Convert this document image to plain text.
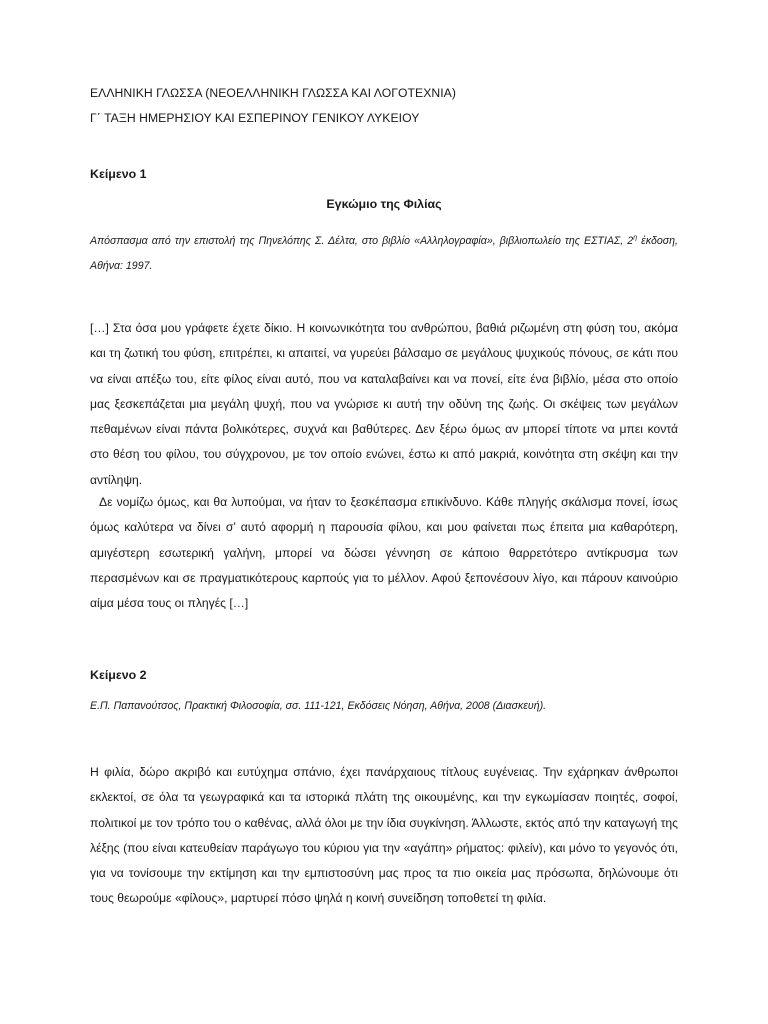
ΕΛΛΗΝΙΚΗ ΓΛΩΣΣΑ (ΝΕΟΕΛΛΗΝΙΚΗ ΓΛΩΣΣΑ ΚΑΙ ΛΟΓΟΤΕΧΝΙΑ)
Γ΄ ΤΑΞΗ ΗΜΕΡΗΣΙΟΥ ΚΑΙ ΕΣΠΕΡΙΝΟΥ ΓΕΝΙΚΟΥ ΛΥΚΕΙΟΥ
Κείμενο 1
Εγκώμιο της Φιλίας
Απόσπασμα από την επιστολή της Πηνελόπης Σ. Δέλτα, στο βιβλίο «Αλληλογραφία», βιβλιοπωλείο της ΕΣΤΙΑΣ, $2^\eta$ έκδοση, Αθήνα: 1997.

[…] Στα όσα μου γράφετε έχετε δίκιο. Η κοινωνικότητα του ανθρώπου, βαθιά ριζωμένη στη φύση του, ακόμα και τη ζωτική του φύση, επιτρέπει, κι απαιτεί, να γυρεύει βάλσαμο σε μεγάλους ψυχικούς πόνους, σε κάτι που να είναι απέξω του, είτε φίλος είναι αυτό, που να καταλαβαίνει και να πονεί, είτε ένα βιβλίο, μέσα στο οποίο μας ξεσκεπάζεται μια μεγάλη ψυχή, που να γνώρισε κι αυτή την οδύνη της ζωής. Οι σκέψεις των μεγάλων πεθαμένων είναι πάντα βολικότερες, συχνά και βαθύτερες. Δεν ξέρω όμως αν μπορεί τίποτε να μπει κοντά στο θέση του φίλου, του σύγχρονου, με τον οποίο ενώνει, έστω κι από μακριά, κοινότητα στη σκέψη και την αντίληψη.

Δε νομίζω όμως, και θα λυπούμαι, να ήταν το ξεσκέπασμα επικίνδυνο. Κάθε πληγής σκάλισμα πονεί, ίσως όμως καλύτερα να δίνει σ’ αυτό αφορμή η παρουσία φίλου, και μου φαίνεται πως έπειτα μια καθαρότερη, αμιγέστερη εσωτερική γαλήνη, μπορεί να δώσει γέννηση σε κάποιο θαρρετότερο αντίκρυσμα των περασμένων και σε πραγματικότερους καρπούς για το μέλλον. Αφού ξεπονέσουν λίγο, και πάρουν καινούριο αίμα μέσα τους οι πληγές […]

Κείμενο 2
Ε.Π. Παπανούτσος, Πρακτική Φιλοσοφία, σσ. 111-121, Εκδόσεις Νόηση, Αθήνα, 2008 (Διασκευή).

Η φιλία, δώρο ακριβό και ευτύχημα σπάνιο, έχει πανάρχαιους τίτλους ευγένειας. Την εχάρηκαν άνθρωποι εκλεκτοί, σε όλα τα γεωγραφικά και τα ιστορικά πλάτη της οικουμένης, και την εγκωμίασαν ποιητές, σοφοί, πολιτικοί με τον τρόπο του ο καθένας, αλλά όλοι με την ίδια συγκίνηση. Άλλωστε, εκτός από την καταγωγή της λέξης (που είναι κατευθείαν παράγωγο του κύριου για την «αγάπη» ρήματος: φιλείν), και μόνο το γεγονός ότι, για να τονίσουμε την εκτίμηση και την εμπιστοσύνη μας προς τα πιο οικεία μας πρόσωπα, δηλώνουμε ότι τους θεωρούμε «φίλους», μαρτυρεί πόσο ψηλά η κοινή συνείδηση τοποθετεί τη φιλία.
